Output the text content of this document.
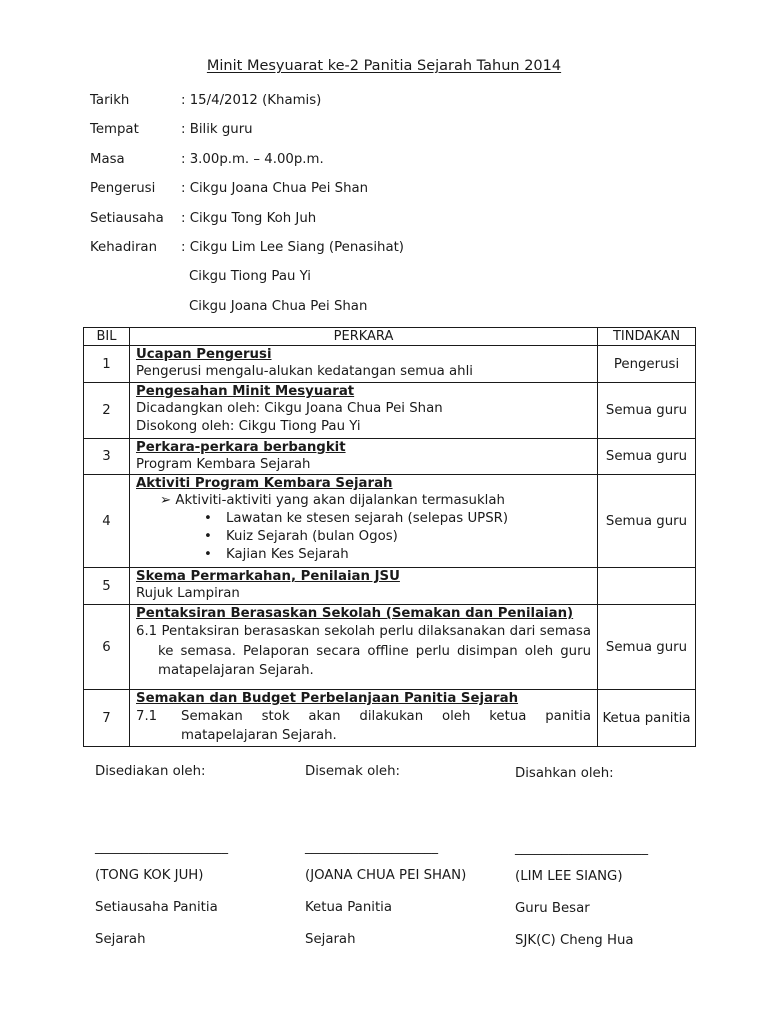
Minit Mesyuarat ke-2 Panitia Sejarah Tahun 2014
Tarikh	: 15/4/2012 (Khamis)
Tempat	: Bilik guru
Masa	: 3.00p.m. – 4.00p.m.
Pengerusi : Cikgu Joana Chua Pei Shan
Setiausaha : Cikgu Tong Koh Juh
Kehadiran : Cikgu Lim Lee Siang (Penasihat)
Cikgu Tiong Pau Yi
Cikgu Joana Chua Pei Shan
BIL	PERKARA	TINDAKAN
1	Ucapan Pengerusi
Pengerusi mengalu-alukan kedatangan semua ahli	Pengerusi
2	Pengesahan Minit Mesyuarat
Dicadangkan oleh: Cikgu Joana Chua Pei Shan
Disokong oleh: Cikgu Tiong Pau Yi	Semua guru
3	Perkara-perkara berbangkit
Program Kembara Sejarah	Semua guru
4	Aktiviti Program Kembara Sejarah
➢ Aktiviti-aktiviti yang akan dijalankan termasuklah
• Lawatan ke stesen sejarah (selepas UPSR)
• Kuiz Sejarah (bulan Ogos)
• Kajian Kes Sejarah	Semua guru
5	Skema Permarkahan, Penilaian JSU
Rujuk Lampiran	

6	Pentaksiran Berasaskan Sekolah (Semakan dan Penilaian)
6.1 Pentaksiran berasaskan sekolah perlu dilaksanakan dari semasa ke semasa. Pelaporan secara offline perlu disimpan oleh guru matapelajaran Sejarah.	Semua guru
7	Semakan dan Budget Perbelanjaan Panitia Sejarah
7.1 Semakan stok akan dilakukan oleh ketua panitia matapelajaran Sejarah.	Ketua panitia
Disediakan oleh:
____________________
(TONG KOK JUH)
Setiausaha Panitia
Sejarah
Disemak oleh:
____________________
(JOANA CHUA PEI SHAN)
Ketua Panitia
Sejarah
Disahkan oleh:
____________________
(LIM LEE SIANG)
Guru Besar
SJK(C) Cheng Hua
